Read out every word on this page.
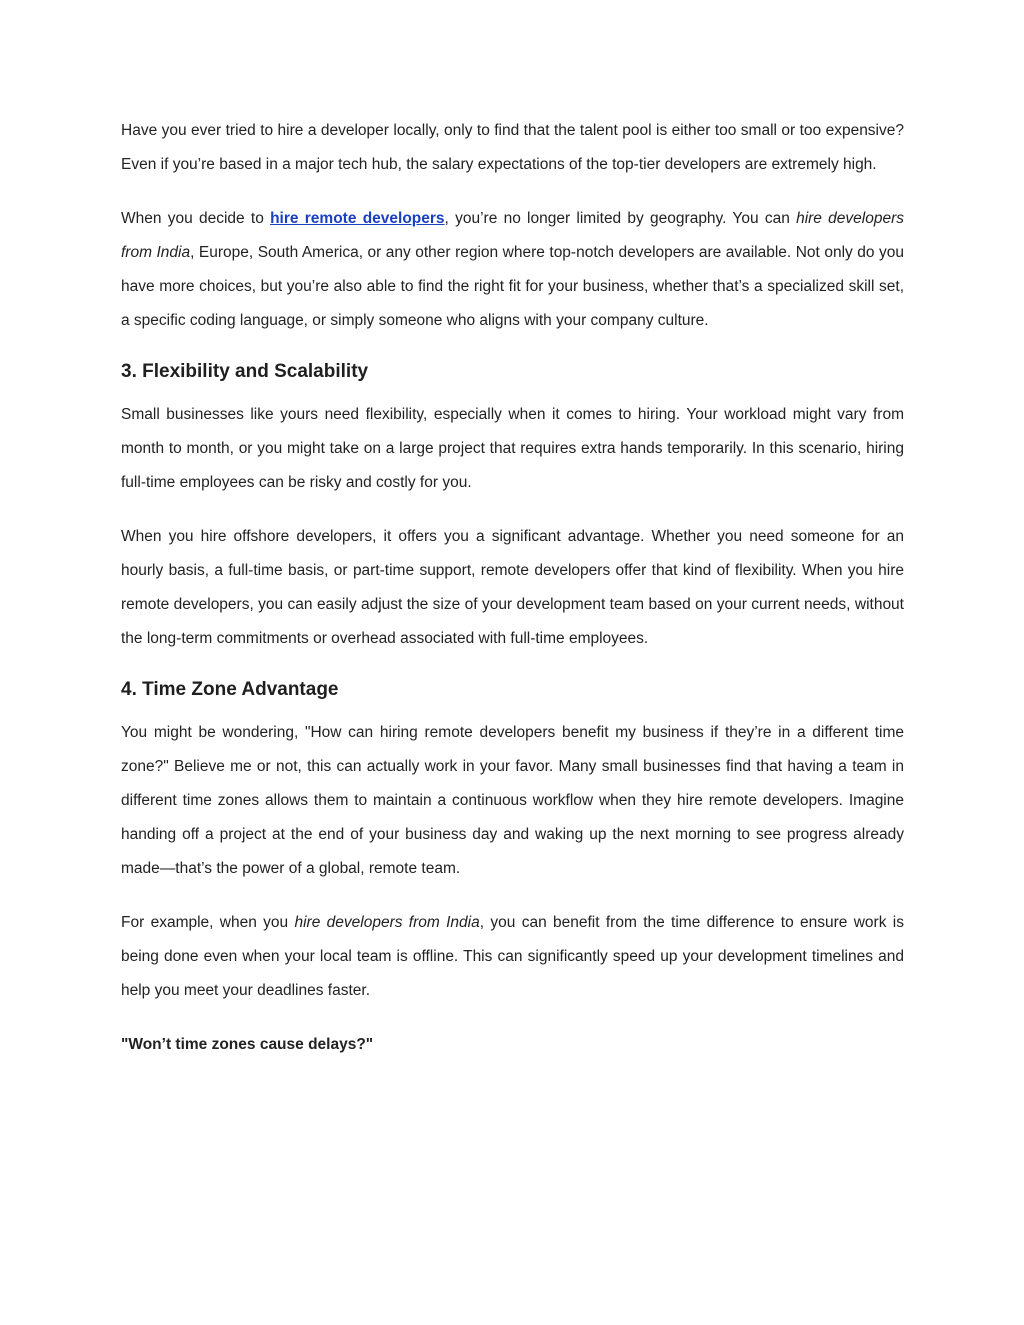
Have you ever tried to hire a developer locally, only to find that the talent pool is either too small or too expensive? Even if you’re based in a major tech hub, the salary expectations of the top-tier developers are extremely high.

When you decide to hire remote developers, you’re no longer limited by geography. You can hire developers from India, Europe, South America, or any other region where top-notch developers are available. Not only do you have more choices, but you’re also able to find the right fit for your business, whether that’s a specialized skill set, a specific coding language, or simply someone who aligns with your company culture.

3. Flexibility and Scalability

Small businesses like yours need flexibility, especially when it comes to hiring. Your workload might vary from month to month, or you might take on a large project that requires extra hands temporarily. In this scenario, hiring full-time employees can be risky and costly for you.

When you hire offshore developers, it offers you a significant advantage. Whether you need someone for an hourly basis, a full-time basis, or part-time support, remote developers offer that kind of flexibility. When you hire remote developers, you can easily adjust the size of your development team based on your current needs, without the long-term commitments or overhead associated with full-time employees.

4. Time Zone Advantage

You might be wondering, "How can hiring remote developers benefit my business if they’re in a different time zone?" Believe me or not, this can actually work in your favor. Many small businesses find that having a team in different time zones allows them to maintain a continuous workflow when they hire remote developers. Imagine handing off a project at the end of your business day and waking up the next morning to see progress already made—that’s the power of a global, remote team.

For example, when you hire developers from India, you can benefit from the time difference to ensure work is being done even when your local team is offline. This can significantly speed up your development timelines and help you meet your deadlines faster.

"Won’t time zones cause delays?"
